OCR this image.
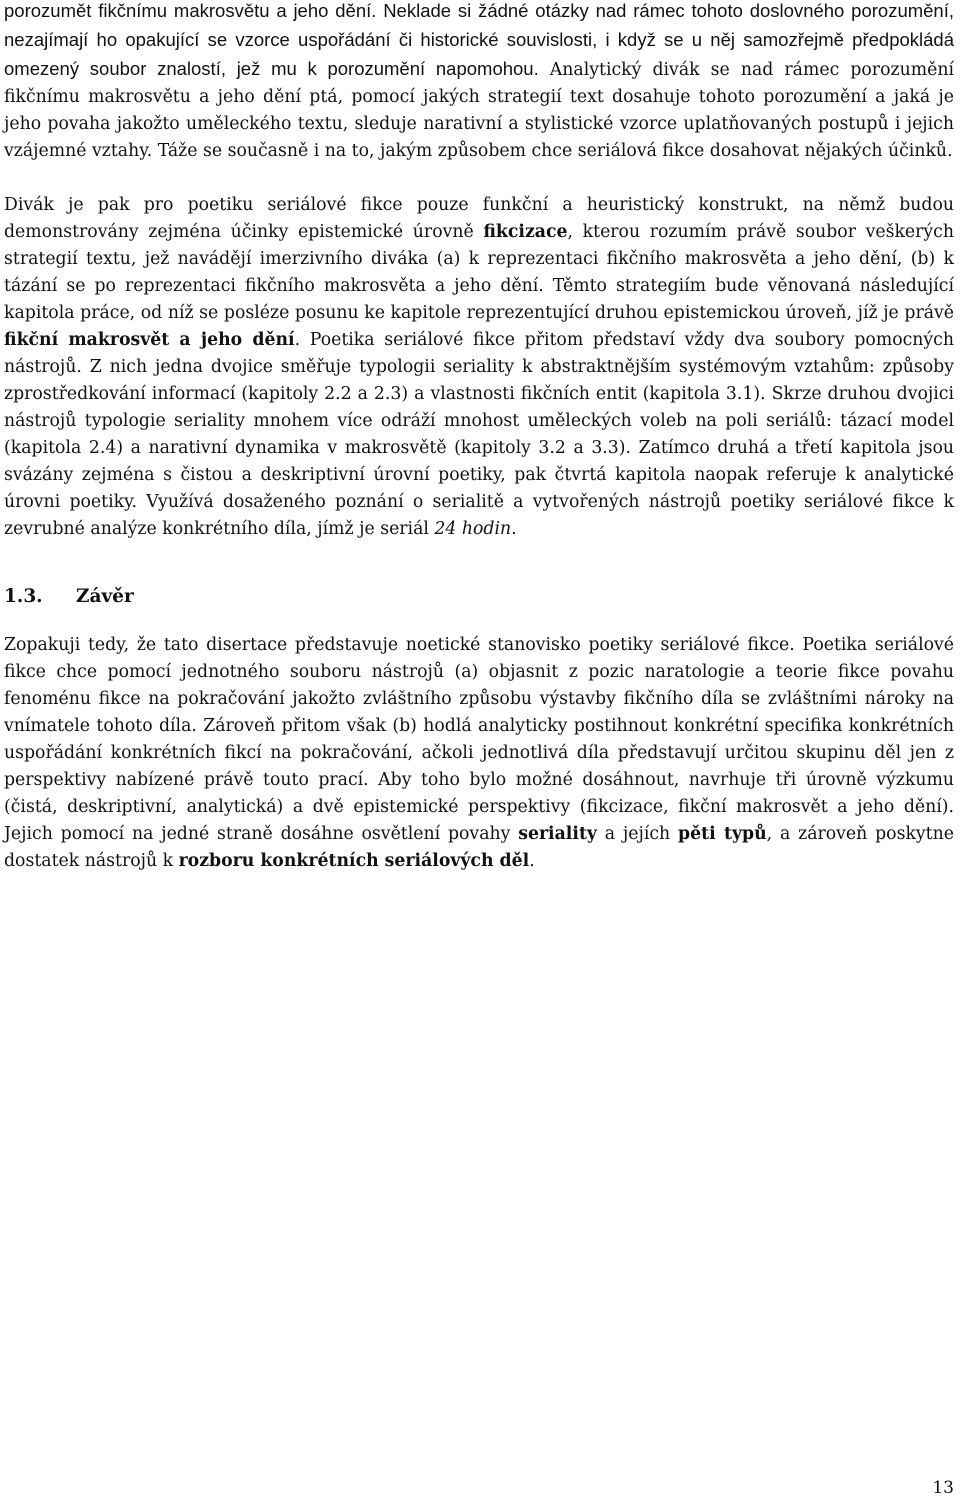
porozumět fikčnímu makrosvětu a jeho dění. Neklade si žádné otázky nad rámec tohoto doslovného porozumění, nezajímají ho opakující se vzorce uspořádání či historické souvislosti, i když se u něj samozřejmě předpokládá omezený soubor znalostí, jež mu k porozumění napomohou. Analytický divák se nad rámec porozumění fikčnímu makrosvětu a jeho dění ptá, pomocí jakých strategií text dosahuje tohoto porozumění a jaká je jeho povaha jakožto uměleckého textu, sleduje narativní a stylistické vzorce uplatňovaných postupů i jejich vzájemné vztahy. Táže se současně i na to, jakým způsobem chce seriálová fikce dosahovat nějakých účinků.

Divák je pak pro poetiku seriálové fikce pouze funkční a heuristický konstrukt, na němž budou demonstrovány zejména účinky epistemické úrovně fikcizace, kterou rozumím právě soubor veškerých strategií textu, jež navádějí imerzivního diváka (a) k reprezentaci fikčního makrosvěta a jeho dění, (b) k tázání se po reprezentaci fikčního makrosvěta a jeho dění. Těmto strategiím bude věnovaná následující kapitola práce, od níž se posléze posunu ke kapitole reprezentující druhou epistemickou úroveň, jíž je právě fikční makrosvět a jeho dění. Poetika seriálové fikce přitom představí vždy dva soubory pomocných nástrojů. Z nich jedna dvojice směřuje typologii seriality k abstraktnějším systémovým vztahům: způsoby zprostředkování informací (kapitoly 2.2 a 2.3) a vlastnosti fikčních entit (kapitola 3.1). Skrze druhou dvojici nástrojů typologie seriality mnohem více odráží mnohost uměleckých voleb na poli seriálů: tázací model (kapitola 2.4) a narativní dynamika v makrosvětě (kapitoly 3.2 a 3.3). Zatímco druhá a třetí kapitola jsou svázány zejména s čistou a deskriptivní úrovní poetiky, pak čtvrtá kapitola naopak referuje k analytické úrovni poetiky. Využívá dosaženého poznání o serialitě a vytvořených nástrojů poetiky seriálové fikce k zevrubné analýze konkrétního díla, jímž je seriál 24 hodin.

1.3. Závěr

Zopakuji tedy, že tato disertace představuje noetické stanovisko poetiky seriálové fikce. Poetika seriálové fikce chce pomocí jednotného souboru nástrojů (a) objasnit z pozic naratologie a teorie fikce povahu fenoménu fikce na pokračování jakožto zvláštního způsobu výstavby fikčního díla se zvláštními nároky na vnímatele tohoto díla. Zároveň přitom však (b) hodlá analyticky postihnout konkrétní specifika konkrétních uspořádání konkrétních fikcí na pokračování, ačkoli jednotlivá díla představují určitou skupinu děl jen z perspektivy nabízené právě touto prací. Aby toho bylo možné dosáhnout, navrhuje tři úrovně výzkumu (čistá, deskriptivní, analytická) a dvě epistemické perspektivy (fikcizace, fikční makrosvět a jeho dění). Jejich pomocí na jedné straně dosáhne osvětlení povahy seriality a jejích pěti typů, a zároveň poskytne dostatek nástrojů k rozboru konkrétních seriálových děl.

13
